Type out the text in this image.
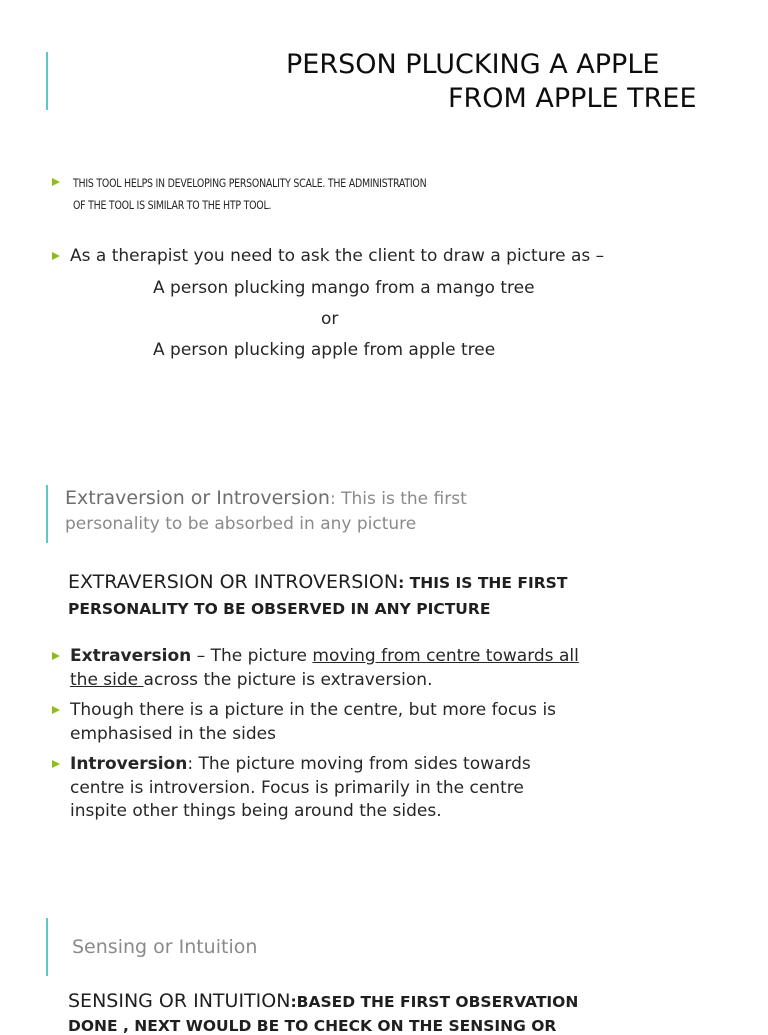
PERSON PLUCKING A APPLE
FROM APPLE TREE
THIS TOOL HELPS IN DEVELOPING PERSONALITY SCALE. THE ADMINISTRATION
OF THE TOOL IS SIMILAR TO THE HTP TOOL.
As a therapist you need to ask the client to draw a picture as –
A person plucking mango from a mango tree
or
A person plucking apple from apple tree
Extraversion or Introversion: This is the first
personality to be absorbed in any picture
EXTRAVERSION OR INTROVERSION: THIS IS THE FIRST
PERSONALITY TO BE OBSERVED IN ANY PICTURE
Extraversion – The picture moving from centre towards all
the side across the picture is extraversion.
Though there is a picture in the centre, but more focus is
emphasised in the sides
Introversion: The picture moving from sides towards
centre is introversion. Focus is primarily in the centre
inspite other things being around the sides.
Sensing or Intuition
SENSING OR INTUITION:BASED THE FIRST OBSERVATION
DONE , NEXT WOULD BE TO CHECK ON THE SENSING OR
